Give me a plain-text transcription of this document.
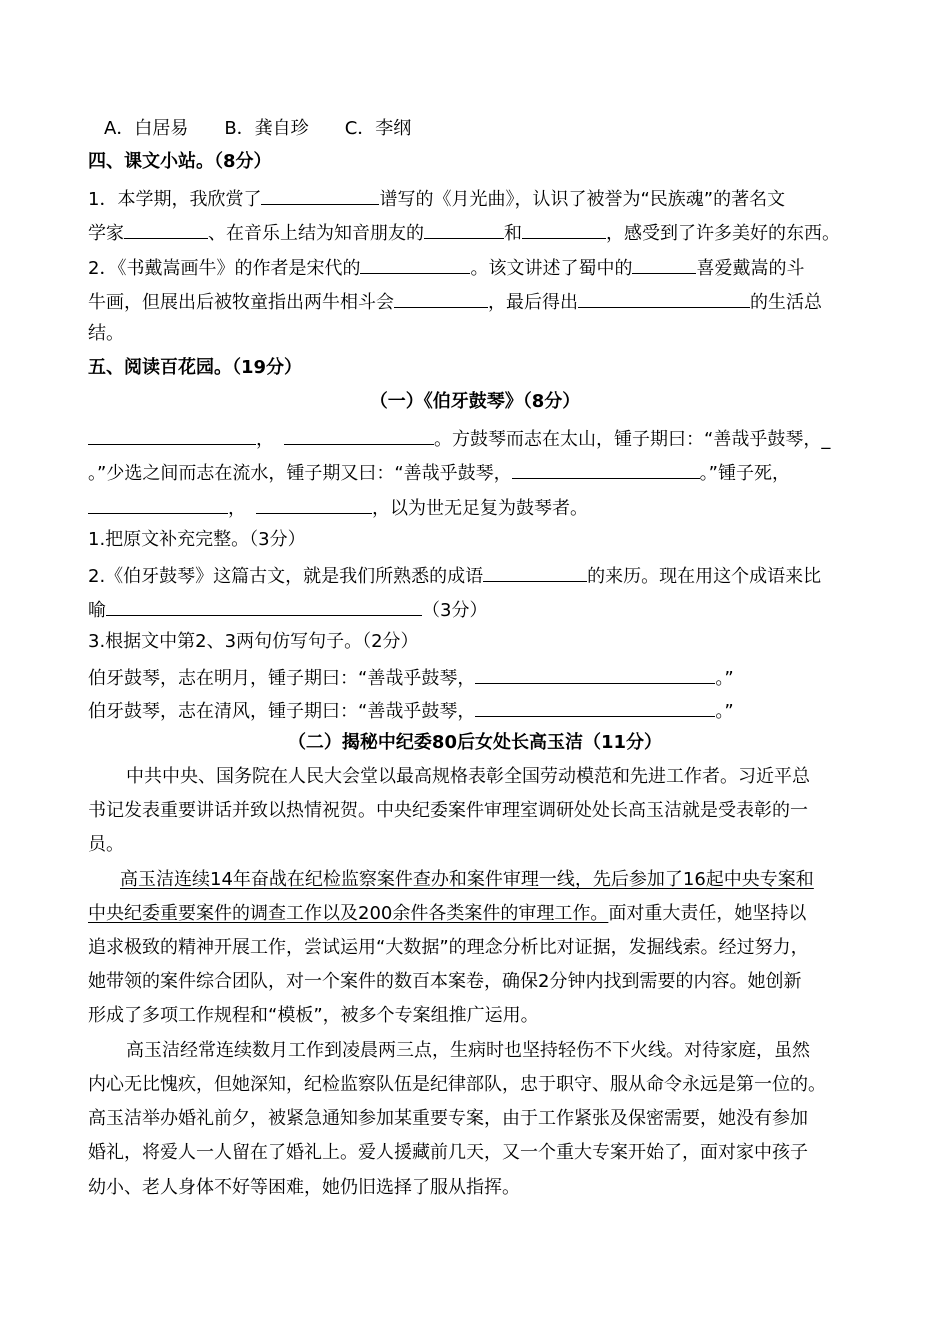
A．白居易 B．龚自珍 C．李纲
四、课文小站。（8分）
1．本学期，我欣赏了	谱写的《月光曲》，认识了被誉为“民族魂”的著名文
学家	、在音乐上结为知音朋友的	和	，感受到了许多美好的东西。
2．《书戴嵩画牛》的作者是宋代的	。该文讲述了蜀中的	喜爱戴嵩的斗
牛画，但展出后被牧童指出两牛相斗会	，最后得出	的生活总
结。
五、阅读百花园。（19分）
（一）《伯牙鼓琴》（8分）
，	。方鼓琴而志在太山，锺子期曰：“善哉乎鼓琴，_
。”少选之间而志在流水，锺子期又曰：“善哉乎鼓琴，	。”锺子死，
，	，以为世无足复为鼓琴者。
1.把原文补充完整。（3分）
2.《伯牙鼓琴》这篇古文，就是我们所熟悉的成语	的来历。现在用这个成语来比
喻	（3分）
3.根据文中第2、3两句仿写句子。（2分）
伯牙鼓琴，志在明月，锺子期曰：“善哉乎鼓琴，	。”
伯牙鼓琴，志在清风，锺子期曰：“善哉乎鼓琴，	。”
（二）揭秘中纪委80后女处长高玉洁（11分）
中共中央、国务院在人民大会堂以最高规格表彰全国劳动模范和先进工作者。习近平总
书记发表重要讲话并致以热情祝贺。中央纪委案件审理室调研处处长高玉洁就是受表彰的一
员。
高玉洁连续14年奋战在纪检监察案件查办和案件审理一线，先后参加了16起中央专案和
中央纪委重要案件的调查工作以及200余件各类案件的审理工作。面对重大责任，她坚持以
追求极致的精神开展工作，尝试运用“大数据”的理念分析比对证据，发掘线索。经过努力，
她带领的案件综合团队，对一个案件的数百本案卷，确保2分钟内找到需要的内容。她创新
形成了多项工作规程和“模板”，被多个专案组推广运用。
高玉洁经常连续数月工作到凌晨两三点，生病时也坚持轻伤不下火线。对待家庭，虽然
内心无比愧疚，但她深知，纪检监察队伍是纪律部队，忠于职守、服从命令永远是第一位的。
高玉洁举办婚礼前夕，被紧急通知参加某重要专案，由于工作紧张及保密需要，她没有参加
婚礼，将爱人一人留在了婚礼上。爱人援藏前几天，又一个重大专案开始了，面对家中孩子
幼小、老人身体不好等困难，她仍旧选择了服从指挥。
